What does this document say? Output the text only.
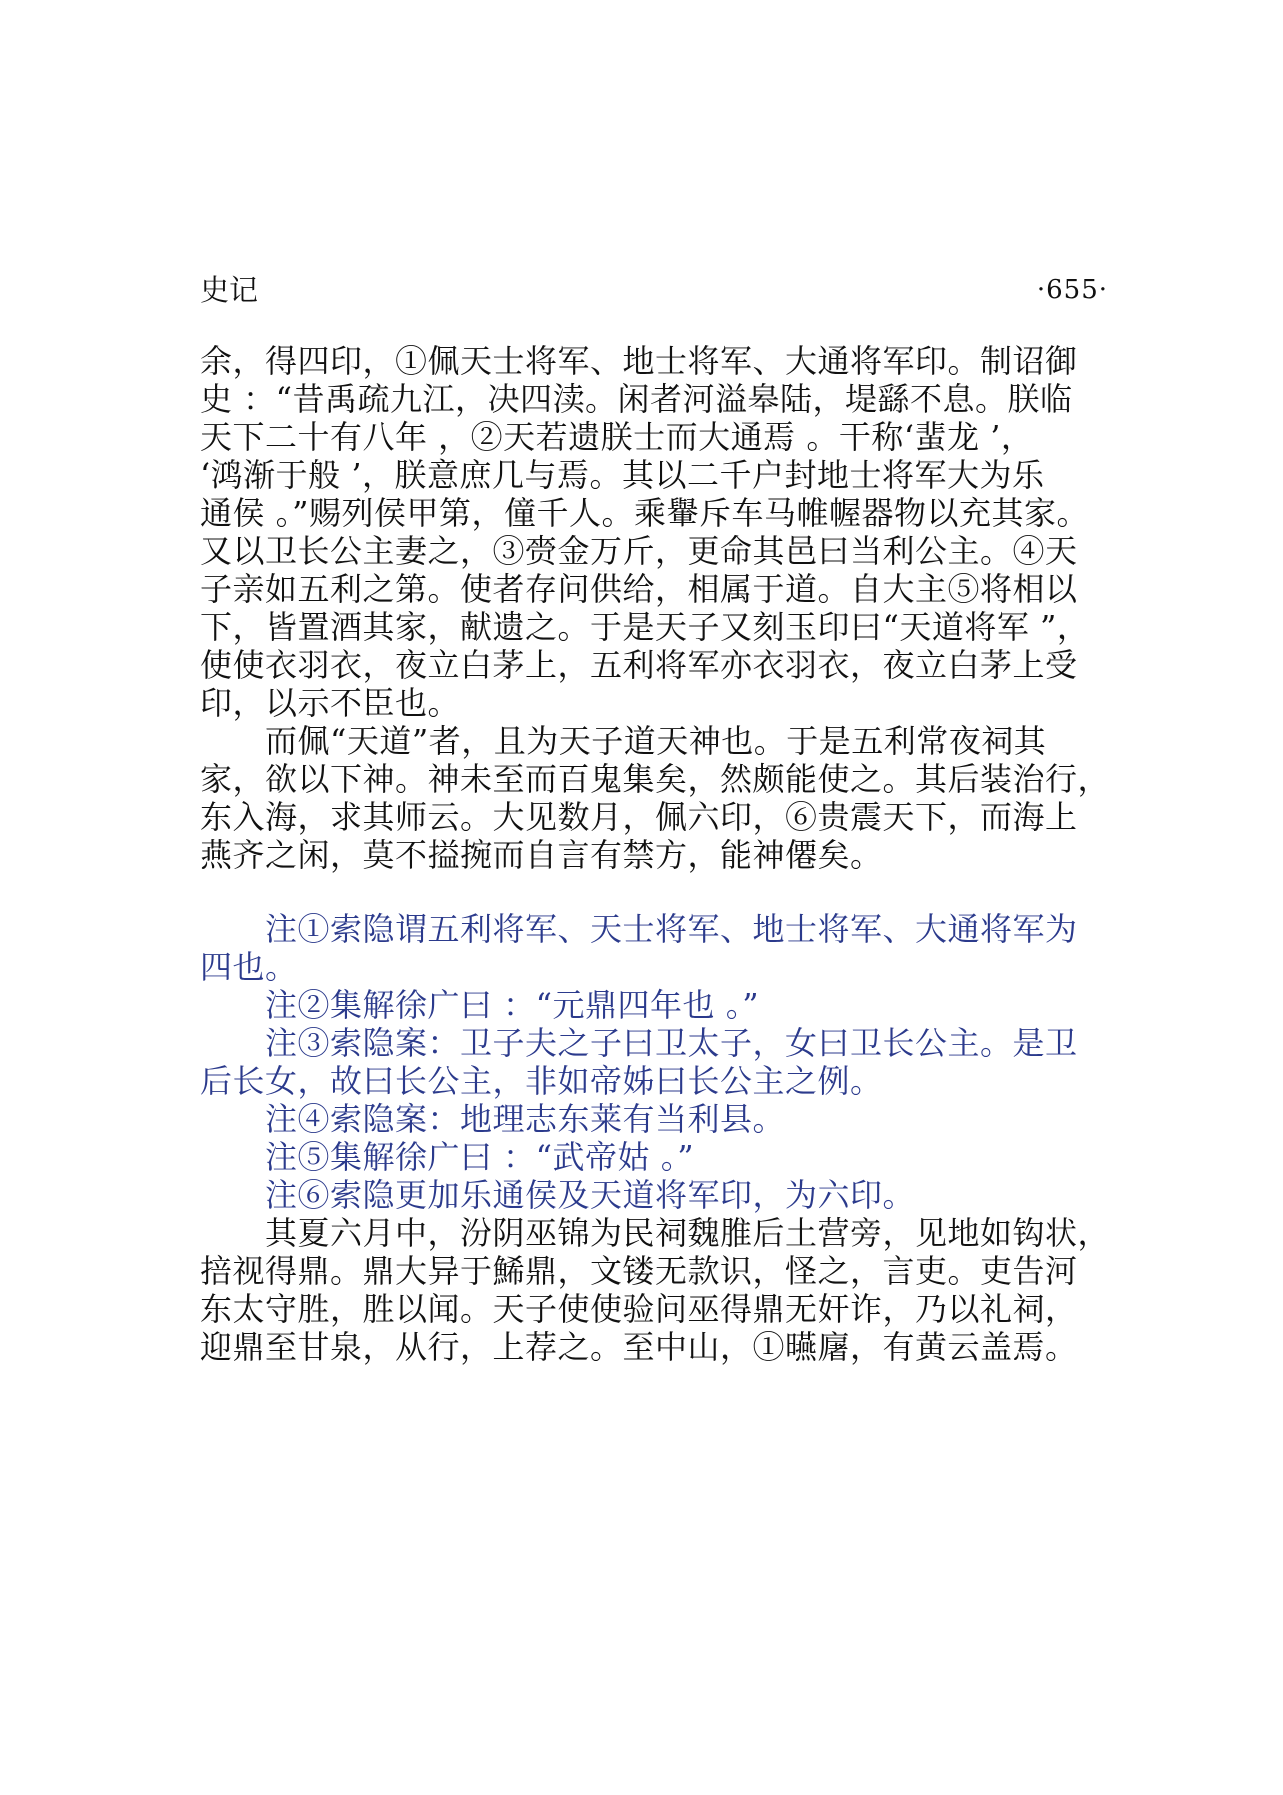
史记	·655·
余，得四印，①佩天士将军、地士将军、大通将军印。制诏御
史 ：“昔禹疏九江，决四渎。闲者河溢皋陆，堤繇不息。朕临
天下二十有八年 ，②天若遗朕士而大通焉 。干称‘蜚龙 ’，
‘鸿渐于般 ’，朕意庶几与焉。其以二千户封地士将军大为乐
通侯 。”赐列侯甲第，僮千人。乘轝斥车马帷幄器物以充其家。
又以卫长公主妻之，③赍金万斤，更命其邑曰当利公主。④天
子亲如五利之第。使者存问供给，相属于道。自大主⑤将相以
下，皆置酒其家，献遗之。于是天子又刻玉印曰“天道将军 ”，
使使衣羽衣，夜立白茅上，五利将军亦衣羽衣，夜立白茅上受
印，以示不臣也。
　　而佩“天道”者，且为天子道天神也。于是五利常夜祠其
家，欲以下神。神未至而百鬼集矣，然颇能使之。其后装治行，
东入海，求其师云。大见数月，佩六印，⑥贵震天下，而海上
燕齐之闲，莫不搤捥而自言有禁方，能神僊矣。
　　注①索隐谓五利将军、天士将军、地士将军、大通将军为
四也。
　　注②集解徐广曰 ：“元鼎四年也 。”
　　注③索隐案：卫子夫之子曰卫太子，女曰卫长公主。是卫
后长女，故曰长公主，非如帝姊曰长公主之例。
　　注④索隐案：地理志东莱有当利县。
　　注⑤集解徐广曰 ：“武帝姑 。”
　　注⑥索隐更加乐通侯及天道将军印，为六印。
　　其夏六月中，汾阴巫锦为民祠魏脽后土营旁，见地如钩状，
掊视得鼎。鼎大异于鯑鼎，文镂无款识，怪之，言吏。吏告河
东太守胜，胜以闻。天子使使验问巫得鼎无奸诈，乃以礼祠，
迎鼎至甘泉，从行，上荐之。至中山，①曣廜，有黄云盖焉。
